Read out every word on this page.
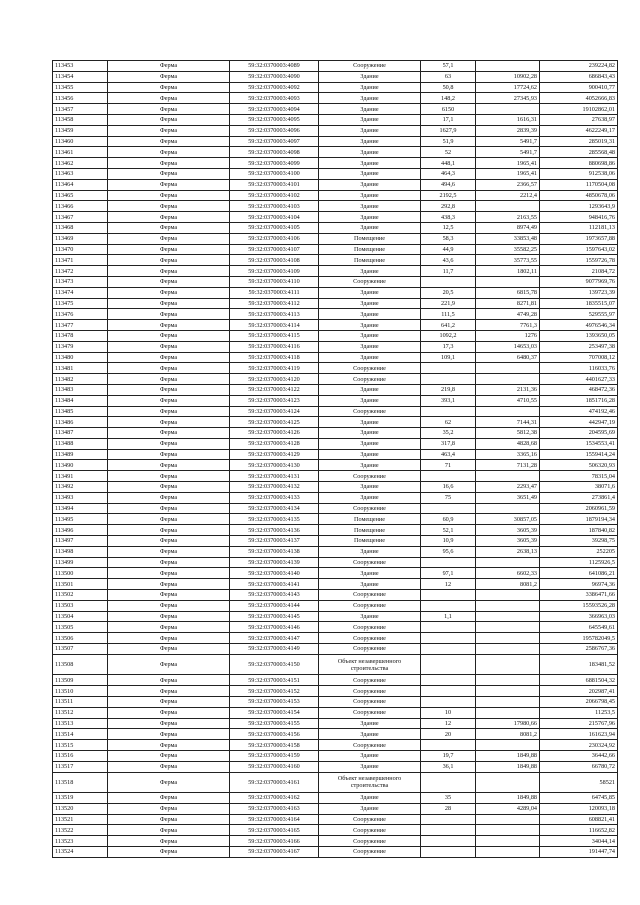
113453	Ферма	59:32:0370003:4089	Сооружение	57,1		239224,82
113454	Ферма	59:32:0370003:4090	Здание	63	10902,28	686843,43
113455	Ферма	59:32:0370003:4092	Здание	50,8	17724,62	900410,77
113456	Ферма	59:32:0370003:4093	Здание	148,2	27345,93	4052666,83
113457	Ферма	59:32:0370003:4094	Здание	6150		19102862,01
113458	Ферма	59:32:0370003:4095	Здание	17,1	1616,31	27638,97
113459	Ферма	59:32:0370003:4096	Здание	1627,9	2839,39	4622249,17
113460	Ферма	59:32:0370003:4097	Здание	51,9	5491,7	285019,31
113461	Ферма	59:32:0370003:4098	Здание	52	5491,7	285568,48
113462	Ферма	59:32:0370003:4099	Здание	448,1	1965,41	880698,86
113463	Ферма	59:32:0370003:4100	Здание	464,3	1965,41	912538,06
113464	Ферма	59:32:0370003:4101	Здание	494,6	2366,57	1170504,08
113465	Ферма	59:32:0370003:4102	Здание	2192,5	2212,4	4850678,06
113466	Ферма	59:32:0370003:4103	Здание	292,8		1293643,9
113467	Ферма	59:32:0370003:4104	Здание	438,3	2163,55	948416,76
113468	Ферма	59:32:0370003:4105	Здание	12,5	8974,49	112181,13
113469	Ферма	59:32:0370003:4106	Помещение	58,3	33853,48	1973657,88
113470	Ферма	59:32:0370003:4107	Помещение	44,9	35582,25	1597643,02
113471	Ферма	59:32:0370003:4108	Помещение	43,6	35773,55	1559726,78
113472	Ферма	59:32:0370003:4109	Здание	11,7	1802,11	21084,72
113473	Ферма	59:32:0370003:4110	Сооружение			9077969,76
113474	Ферма	59:32:0370003:4111	Здание	20,5	6815,78	139723,39
113475	Ферма	59:32:0370003:4112	Здание	221,9	8271,81	1835515,07
113476	Ферма	59:32:0370003:4113	Здание	111,5	4749,28	529555,97
113477	Ферма	59:32:0370003:4114	Здание	641,2	7761,3	4976546,34
113478	Ферма	59:32:0370003:4115	Здание	1092,2	1276	1393650,05
113479	Ферма	59:32:0370003:4116	Здание	17,3	14653,03	253497,38
113480	Ферма	59:32:0370003:4118	Здание	109,1	6480,37	707008,12
113481	Ферма	59:32:0370003:4119	Сооружение			116033,76
113482	Ферма	59:32:0370003:4120	Сооружение			4401627,33
113483	Ферма	59:32:0370003:4122	Здание	219,8	2131,36	468472,36
113484	Ферма	59:32:0370003:4123	Здание	393,1	4710,55	1851716,28
113485	Ферма	59:32:0370003:4124	Сооружение			474192,46
113486	Ферма	59:32:0370003:4125	Здание	62	7144,31	442947,19
113487	Ферма	59:32:0370003:4126	Здание	35,2	5812,38	204595,69
113488	Ферма	59:32:0370003:4128	Здание	317,8	4828,68	1534553,41
113489	Ферма	59:32:0370003:4129	Здание	463,4	3365,16	1559414,24
113490	Ферма	59:32:0370003:4130	Здание	71	7131,28	506320,93
113491	Ферма	59:32:0370003:4131	Сооружение			78315,04
113492	Ферма	59:32:0370003:4132	Здание	16,6	2293,47	38071,6
113493	Ферма	59:32:0370003:4133	Здание	75	3651,49	273861,4
113494	Ферма	59:32:0370003:4134	Сооружение			2060961,59
113495	Ферма	59:32:0370003:4135	Помещение	60,9	30857,05	1879194,34
113496	Ферма	59:32:0370003:4136	Помещение	52,1	3605,39	187840,82
113497	Ферма	59:32:0370003:4137	Помещение	10,9	3605,39	39298,75
113498	Ферма	59:32:0370003:4138	Здание	95,6	2638,13	252205
113499	Ферма	59:32:0370003:4139	Сооружение			1125926,5
113500	Ферма	59:32:0370003:4140	Здание	97,1	6602,33	641086,21
113501	Ферма	59:32:0370003:4141	Здание	12	8081,2	96974,36
113502	Ферма	59:32:0370003:4143	Сооружение			3386471,66
113503	Ферма	59:32:0370003:4144	Сооружение			15593526,28
113504	Ферма	59:32:0370003:4145	Здание	1,1		366963,03
113505	Ферма	59:32:0370003:4146	Сооружение			645549,61
113506	Ферма	59:32:0370003:4147	Сооружение			195782049,5
113507	Ферма	59:32:0370003:4149	Сооружение			2586767,36
113508	Ферма	59:32:0370003:4150	Объект незавершенного строительства			183481,52
113509	Ферма	59:32:0370003:4151	Сооружение			6881504,32
113510	Ферма	59:32:0370003:4152	Сооружение			202987,41
113511	Ферма	59:32:0370003:4153	Сооружение			2066798,45
113512	Ферма	59:32:0370003:4154	Сооружение	10		11253,5
113513	Ферма	59:32:0370003:4155	Здание	12	17980,66	215767,96
113514	Ферма	59:32:0370003:4156	Здание	20	8081,2	161623,94
113515	Ферма	59:32:0370003:4158	Сооружение			230324,92
113516	Ферма	59:32:0370003:4159	Здание	19,7	1849,88	36442,66
113517	Ферма	59:32:0370003:4160	Здание	36,1	1849,88	66780,72
113518	Ферма	59:32:0370003:4161	Объект незавершенного строительства			58521
113519	Ферма	59:32:0370003:4162	Здание	35	1849,88	64745,85
113520	Ферма	59:32:0370003:4163	Здание	28	4289,04	120093,18
113521	Ферма	59:32:0370003:4164	Сооружение			608821,41
113522	Ферма	59:32:0370003:4165	Сооружение			116652,82
113523	Ферма	59:32:0370003:4166	Сооружение			34044,14
113524	Ферма	59:32:0370003:4167	Сооружение			191447,74
